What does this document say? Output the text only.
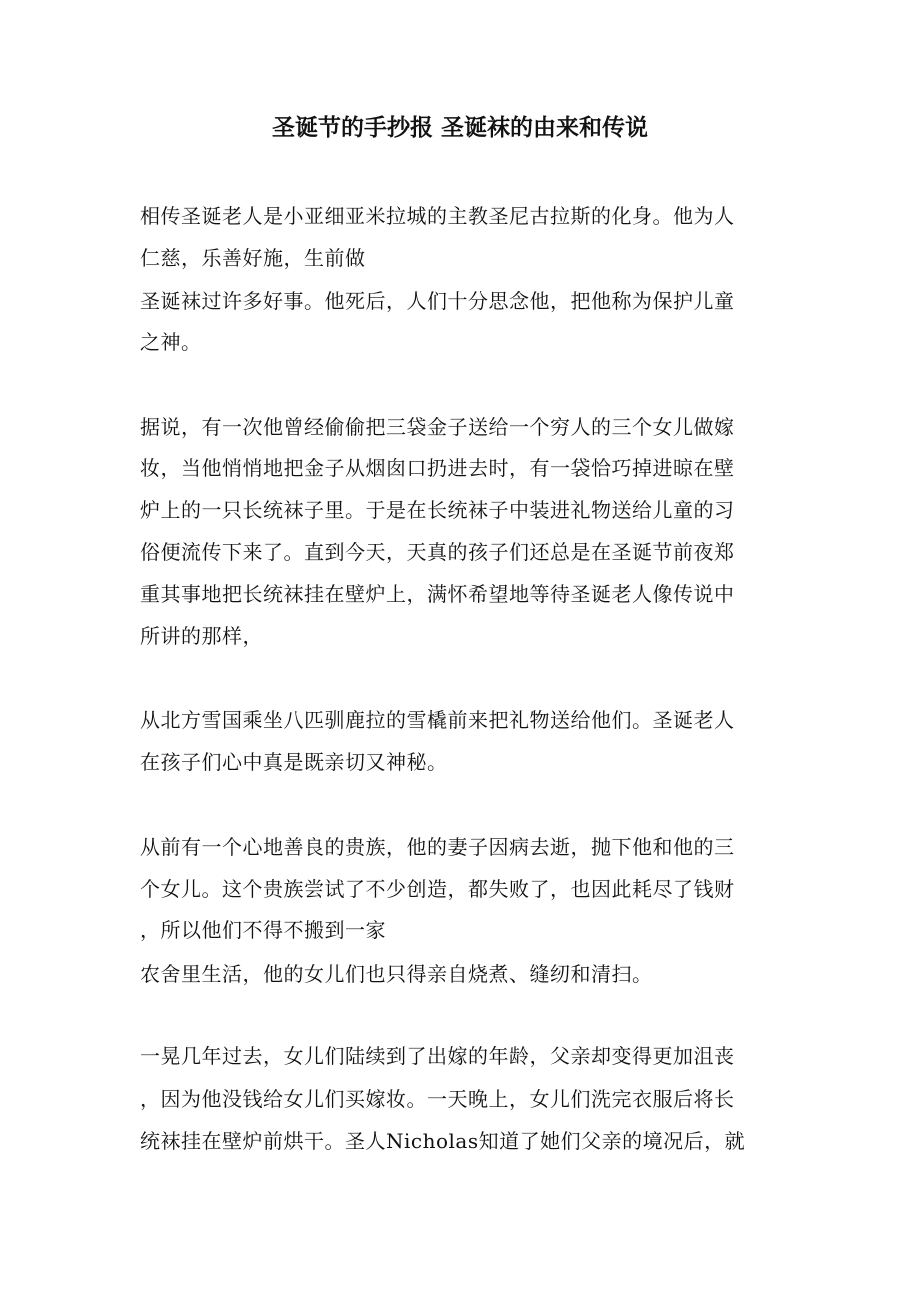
圣诞节的手抄报 圣诞袜的由来和传说
相传圣诞老人是小亚细亚米拉城的主教圣尼古拉斯的化身。他为人
仁慈，乐善好施，生前做
圣诞袜过许多好事。他死后，人们十分思念他，把他称为保护儿童
之神。
据说，有一次他曾经偷偷把三袋金子送给一个穷人的三个女儿做嫁
妆，当他悄悄地把金子从烟囱口扔进去时，有一袋恰巧掉进晾在壁
炉上的一只长统袜子里。于是在长统袜子中装进礼物送给儿童的习
俗便流传下来了。直到今天，天真的孩子们还总是在圣诞节前夜郑
重其事地把长统袜挂在壁炉上，满怀希望地等待圣诞老人像传说中
所讲的那样，
从北方雪国乘坐八匹驯鹿拉的雪橇前来把礼物送给他们。圣诞老人
在孩子们心中真是既亲切又神秘。
从前有一个心地善良的贵族，他的妻子因病去逝，抛下他和他的三
个女儿。这个贵族尝试了不少创造，都失败了，也因此耗尽了钱财
，所以他们不得不搬到一家
农舍里生活，他的女儿们也只得亲自烧煮、缝纫和清扫。
一晃几年过去，女儿们陆续到了出嫁的年龄，父亲却变得更加沮丧
，因为他没钱给女儿们买嫁妆。一天晚上，女儿们洗完衣服后将长
统袜挂在壁炉前烘干。圣人Nicholas知道了她们父亲的境况后，就
